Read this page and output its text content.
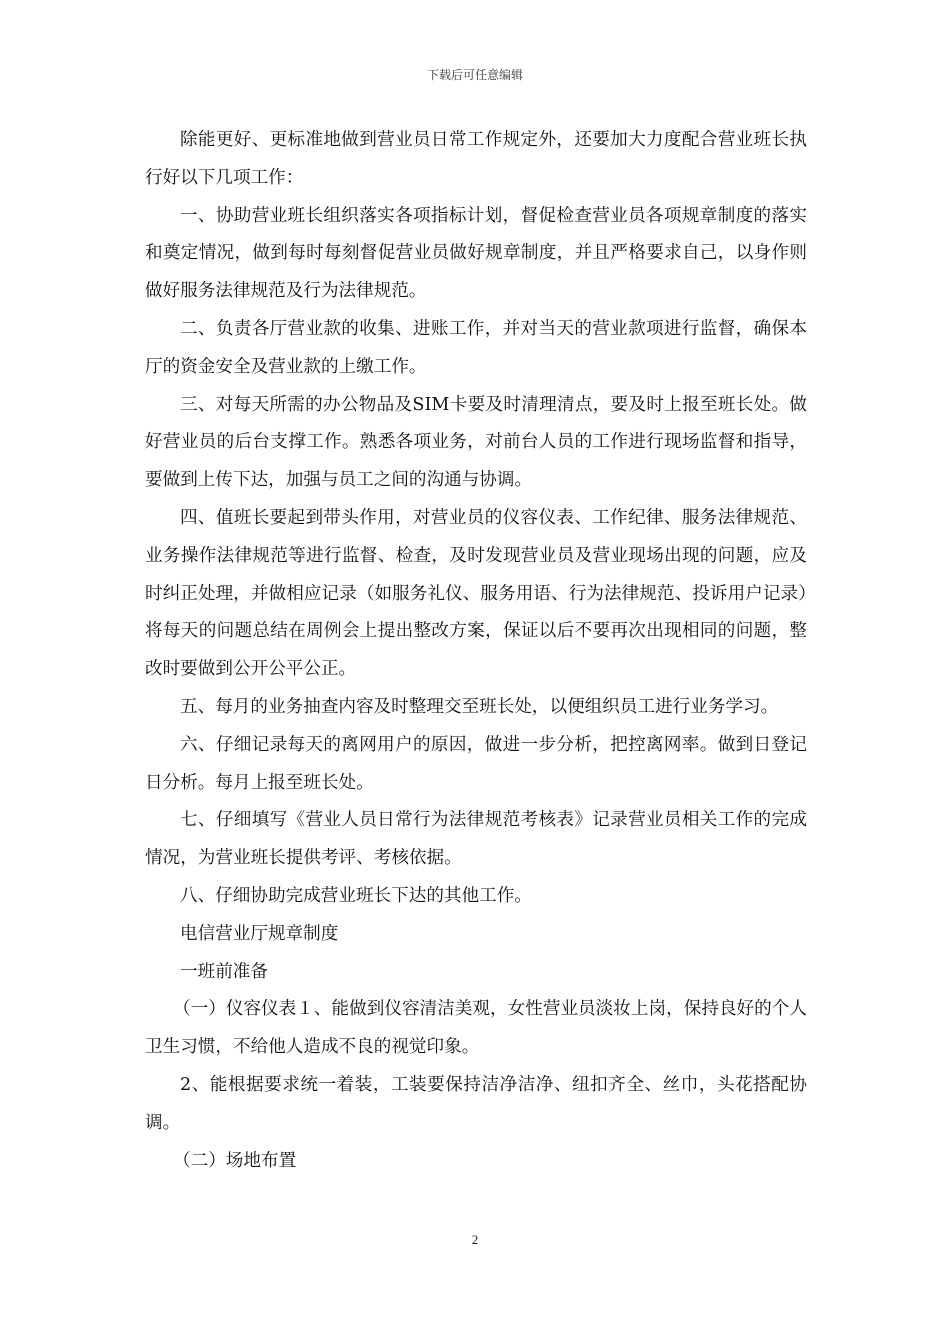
下载后可任意编辑

除能更好、更标准地做到营业员日常工作规定外，还要加大力度配合营业班长执行好以下几项工作：

一、协助营业班长组织落实各项指标计划，督促检查营业员各项规章制度的落实和奠定情况，做到每时每刻督促营业员做好规章制度，并且严格要求自己，以身作则做好服务法律规范及行为法律规范。

二、负责各厅营业款的收集、进账工作，并对当天的营业款项进行监督，确保本厅的资金安全及营业款的上缴工作。

三、对每天所需的办公物品及SIM卡要及时清理清点，要及时上报至班长处。做好营业员的后台支撑工作。熟悉各项业务，对前台人员的工作进行现场监督和指导，要做到上传下达，加强与员工之间的沟通与协调。

四、值班长要起到带头作用，对营业员的仪容仪表、工作纪律、服务法律规范、业务操作法律规范等进行监督、检查，及时发现营业员及营业现场出现的问题，应及时纠正处理，并做相应记录（如服务礼仪、服务用语、行为法律规范、投诉用户记录）将每天的问题总结在周例会上提出整改方案，保证以后不要再次出现相同的问题，整改时要做到公开公平公正。

五、每月的业务抽查内容及时整理交至班长处，以便组织员工进行业务学习。

六、仔细记录每天的离网用户的原因，做进一步分析，把控离网率。做到日登记日分析。每月上报至班长处。

七、仔细填写《营业人员日常行为法律规范考核表》记录营业员相关工作的完成情况，为营业班长提供考评、考核依据。

八、仔细协助完成营业班长下达的其他工作。

电信营业厅规章制度

一班前准备

（一）仪容仪表１、能做到仪容清洁美观，女性营业员淡妆上岗，保持良好的个人卫生习惯，不给他人造成不良的视觉印象。

2、能根据要求统一着装，工装要保持洁净洁净、纽扣齐全、丝巾，头花搭配协调。

（二）场地布置

2
